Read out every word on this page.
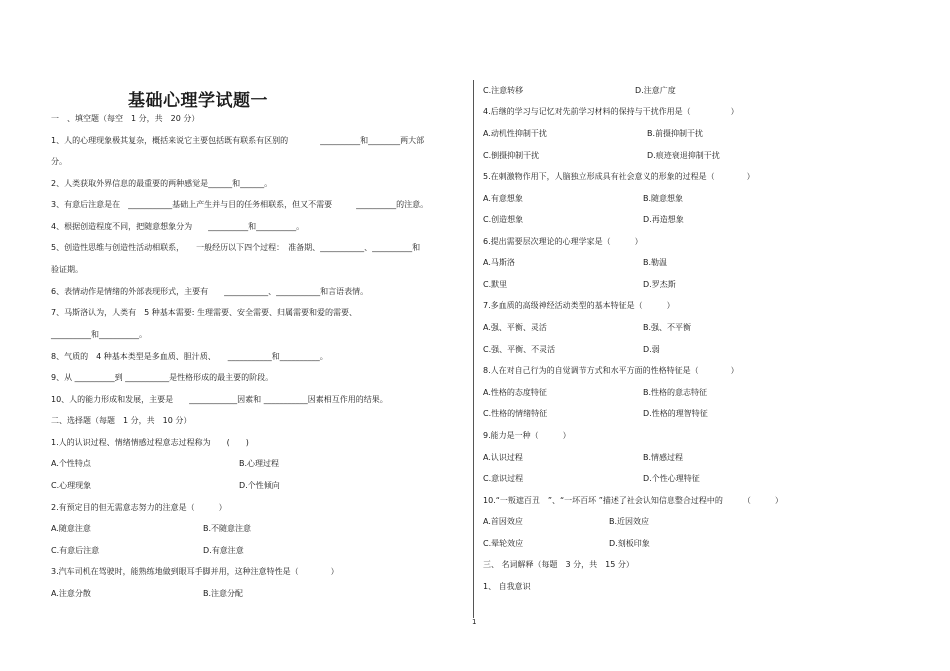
基础心理学试题一
一　、填空题（每空　1 分，共　20 分）
1、人的心理现象极其复杂，概括来说它主要包括既有联系有区别的　　　　__________和________两大部
分。
2、人类获取外界信息的最重要的两种感觉是______和______。
3、有意后注意是在　___________基础上产生并与目的任务相联系，但又不需要　　　__________的注意。
4、根据创造程度不同，把随意想象分为　　__________和__________。
5、创造性思维与创造性活动相联系，　　一般经历以下四个过程：　准备期、___________、__________和
验证期。
6、表情动作是情绪的外部表现形式，主要有　　___________、___________和言语表情。
7、马斯洛认为，人类有　5 种基本需要: 生理需要、安全需要、归属需要和爱的需要、
__________和__________。
8、气质的　4 种基本类型是多血质、胆汁质、　　___________和__________。
9、从 __________到 ___________是性格形成的最主要的阶段。
10、人的能力形成和发展，主要是　　____________因素和 ___________因素相互作用的结果。
二、选择题（每题　1 分，共　10 分）
1.人的认识过程、情绪情感过程意志过程称为　　(　　)
A.个性特点	B.心理过程
C.心理现象	D.个性倾向
2.有预定目的但无需意志努力的注意是（　　　）
A.随意注意	B.不随意注意
C.有意后注意	D.有意注意
3.汽车司机在驾驶时，能熟练地做到眼耳手脚并用，这种注意特性是（　　　　）
A.注意分散	B.注意分配
C.注意转移	D.注意广度
4.后继的学习与记忆对先前学习材料的保持与干扰作用是（　　　　　）
A.动机性抑制干扰	B.前摄抑制干扰
C.倒摄抑制干扰	D.痕迹衰退抑制干扰
5.在刺激物作用下，人脑独立形成具有社会意义的形象的过程是（　　　　）
A.有意想象	B.随意想象
C.创造想象	D.再造想象
6.提出需要层次理论的心理学家是（　　　）
A.马斯洛	B.勒温
C.默里	D.罗杰斯
7.多血质的高级神经活动类型的基本特征是（　　　）
A.强、平衡、灵活	B.强、不平衡
C.强、平衡、不灵活	D.弱
8.人在对自己行为的自觉调节方式和水平方面的性格特征是（　　　　）
A.性格的态度特征	B.性格的意志特征
C.性格的情绪特征	D.性格的理智特征
9.能力是一种（　　　）
A.认识过程	B.情感过程
C.意识过程	D.个性心理特征
10.“一叛遮百丑　”、“一坏百坏 ”描述了社会认知信息整合过程中的　　　（　　　）
A.首因效应	B.近因效应
C.晕轮效应	D.刻板印象
三、 名词解释（每题　3 分，共　15 分）
1、 自我意识
1
